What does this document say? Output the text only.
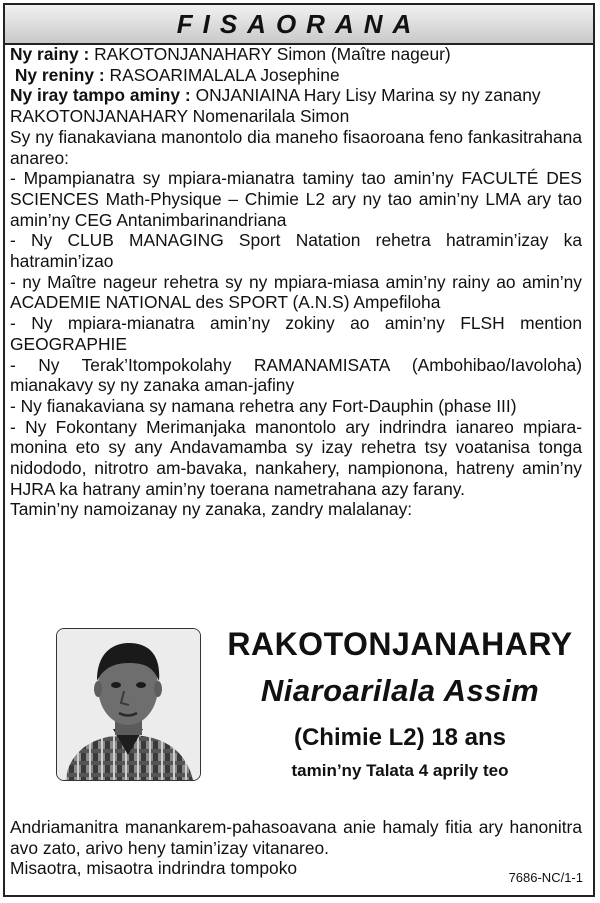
FISAORANA

Ny rainy : RAKOTONJANAHARY Simon (Maître nageur)

Ny reniny : RASOARIMALALA Josephine

Ny iray tampo aminy : ONJANIAINA Hary Lisy Marina sy ny zanany

RAKOTONJANAHARY Nomenarilala Simon

Sy ny fianakaviana manontolo dia maneho fisaoroana feno fankasitrahana

anareo:

- Mpampianatra sy mpiara-mianatra taminy tao amin’ny FACULTÉ DES

SCIENCES Math-Physique – Chimie L2 ary ny tao amin’ny LMA ary tao

amin’ny CEG Antanimbarinandriana

- Ny CLUB MANAGING Sport Natation rehetra hatramin’izay ka hatramin’izao

- ny Maître nageur rehetra sy ny mpiara-miasa amin’ny rainy ao amin’ny

ACADEMIE NATIONAL des SPORT (A.N.S) Ampefiloha

- Ny mpiara-mianatra amin’ny zokiny ao amin’ny FLSH mention

GEOGRAPHIE

- Ny Terak’Itompokolahy RAMANAMISATA (Ambohibao/Iavoloha)

mianakavy sy ny zanaka aman-jafiny

- Ny fianakaviana sy namana rehetra any Fort-Dauphin (phase III)

- Ny Fokontany Merimanjaka manontolo ary indrindra ianareo mpiara-

monina eto sy any Andavamamba sy izay rehetra tsy voatanisa tonga

nidododo, nitrotro am-bavaka, nankahery, nampionona, hatreny amin’ny

HJRA ka hatrany amin’ny toerana nametrahana azy farany.

Tamin’ny namoizanay ny zanaka, zandry malalanay:

RAKOTONJANAHARY
Niaroarilala Assim
(Chimie L2) 18 ans
tamin’ny Talata 4 aprily teo

Andriamanitra manankarem-pahasoavana anie hamaly fitia ary hanonitra

avo zato, arivo heny tamin’izay vitanareo.

Misaotra, misaotra indrindra tompoko	7686-NC/1-1
